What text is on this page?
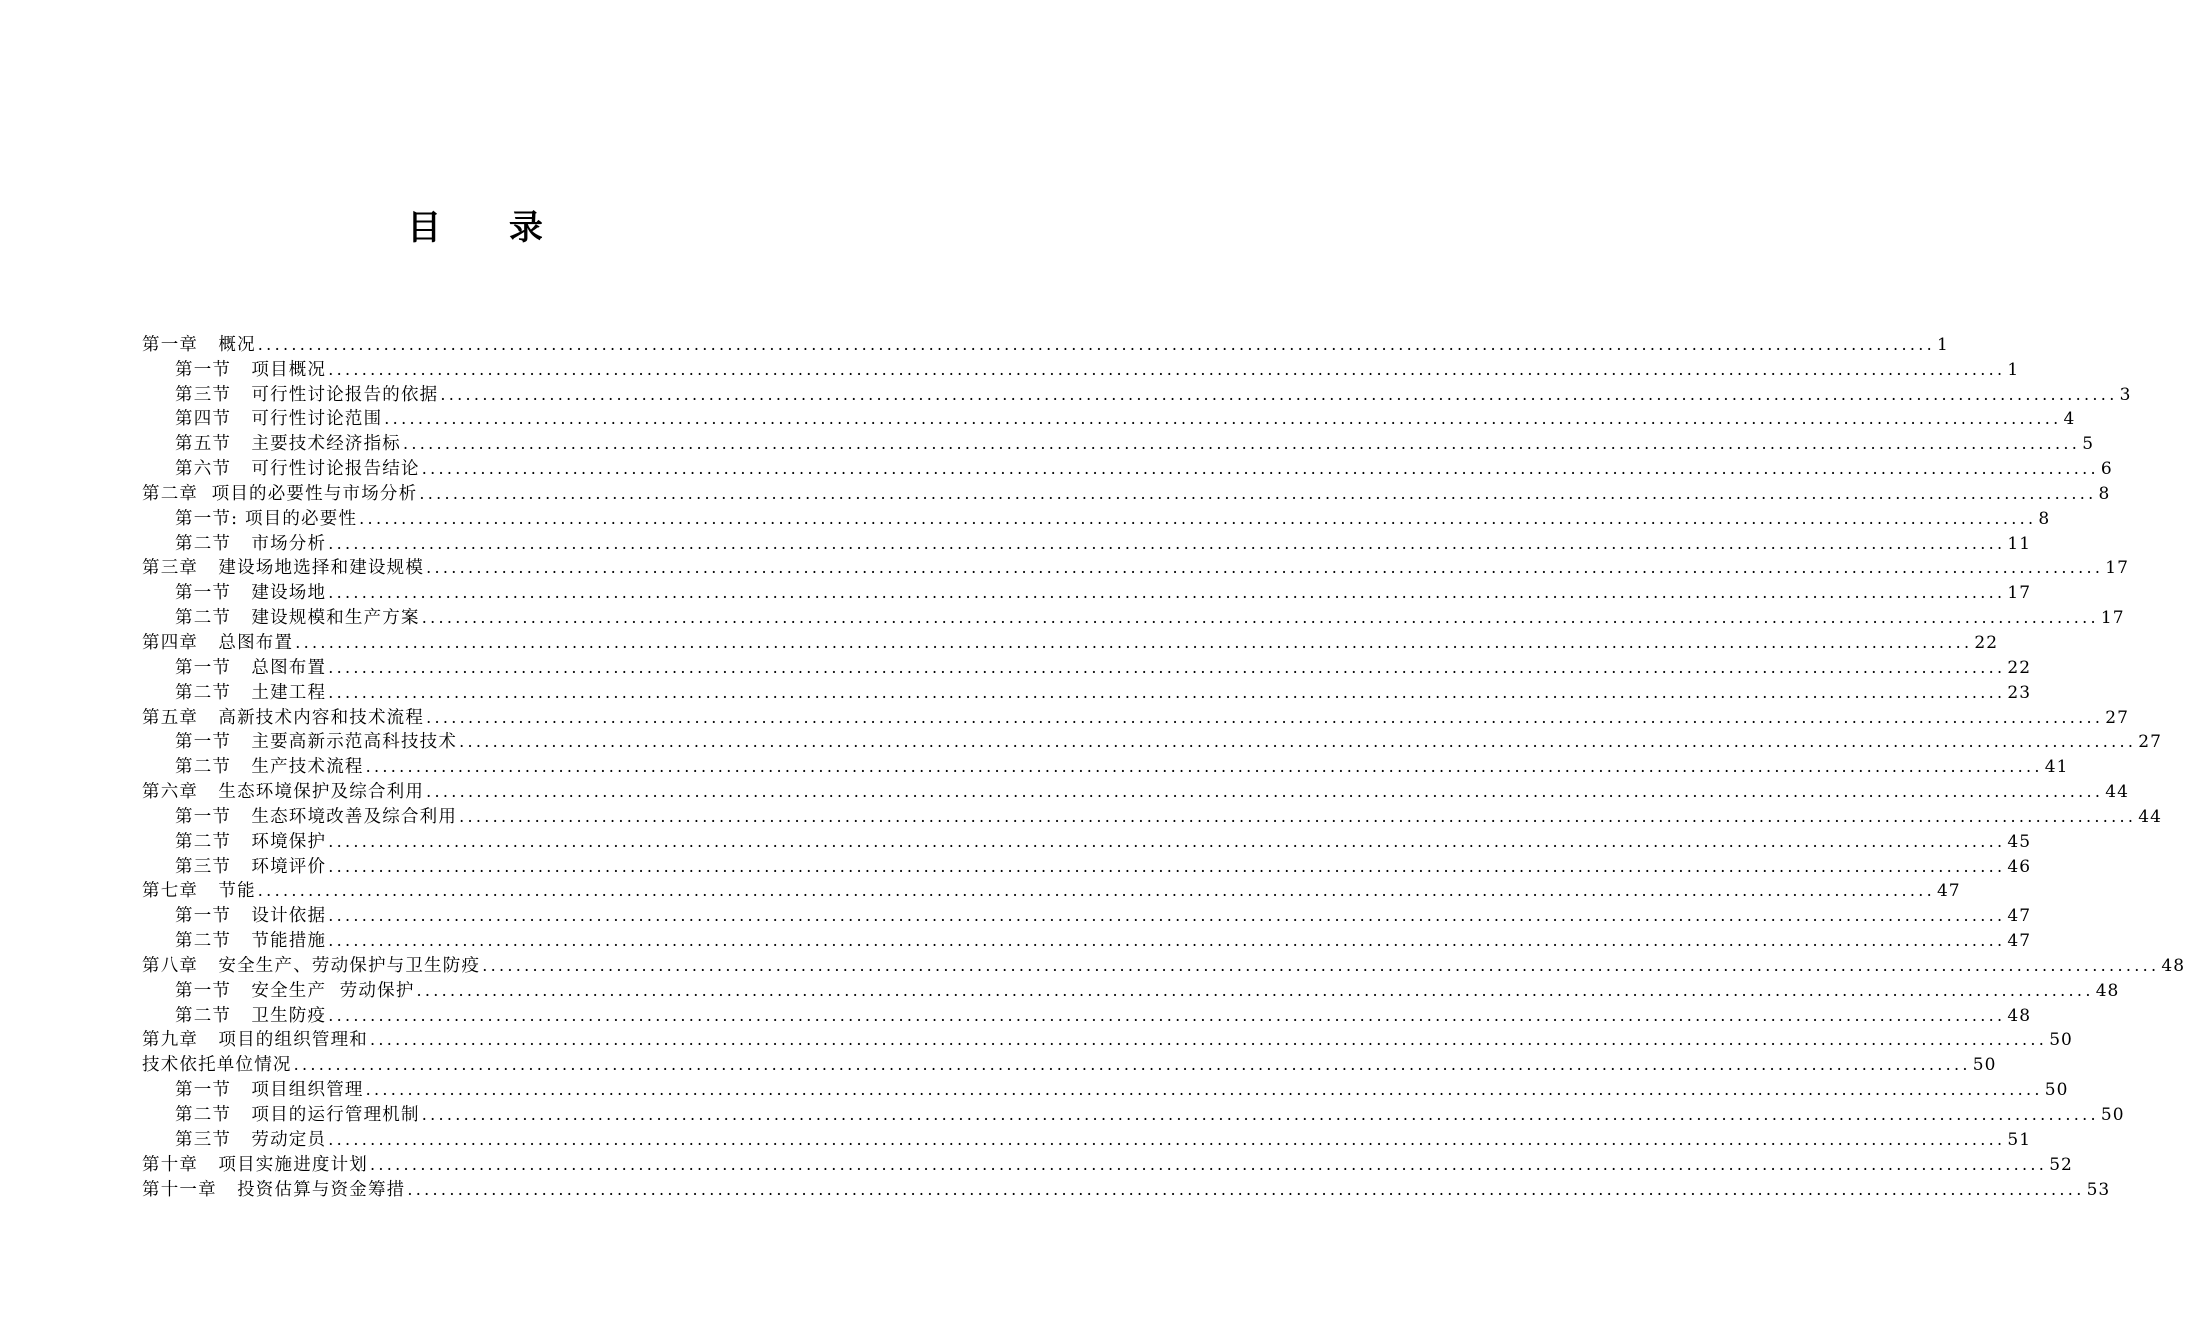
目 录
第一章   概况 ........................................................................................................................................................................................................ 1
第一节   项目概况 ........................................................................................................................................................................................................ 1
第三节   可行性讨论报告的依据 ........................................................................................................................................................................................................ 3
第四节   可行性讨论范围 ........................................................................................................................................................................................................ 4
第五节   主要技术经济指标 ........................................................................................................................................................................................................ 5
第六节   可行性讨论报告结论 ........................................................................................................................................................................................................ 6
第二章  项目的必要性与市场分析 ........................................................................................................................................................................................................ 8
第一节: 项目的必要性 ........................................................................................................................................................................................................ 8
第二节   市场分析 ........................................................................................................................................................................................................ 11
第三章   建设场地选择和建设规模 ........................................................................................................................................................................................................ 17
第一节   建设场地 ........................................................................................................................................................................................................ 17
第二节   建设规模和生产方案 ........................................................................................................................................................................................................ 17
第四章   总图布置 ........................................................................................................................................................................................................ 22
第一节   总图布置 ........................................................................................................................................................................................................ 22
第二节   土建工程 ........................................................................................................................................................................................................ 23
第五章   高新技术内容和技术流程 ........................................................................................................................................................................................................ 27
第一节   主要高新示范高科技技术 ........................................................................................................................................................................................................ 27
第二节   生产技术流程 ........................................................................................................................................................................................................ 41
第六章   生态环境保护及综合利用 ........................................................................................................................................................................................................ 44
第一节   生态环境改善及综合利用 ........................................................................................................................................................................................................ 44
第二节   环境保护 ........................................................................................................................................................................................................ 45
第三节   环境评价 ........................................................................................................................................................................................................ 46
第七章   节能 ........................................................................................................................................................................................................ 47
第一节   设计依据 ........................................................................................................................................................................................................ 47
第二节   节能措施 ........................................................................................................................................................................................................ 47
第八章   安全生产、劳动保护与卫生防疫 ........................................................................................................................................................................................................ 48
第一节   安全生产  劳动保护 ........................................................................................................................................................................................................ 48
第二节   卫生防疫 ........................................................................................................................................................................................................ 48
第九章   项目的组织管理和 ........................................................................................................................................................................................................ 50
技术依托单位情况 ........................................................................................................................................................................................................ 50
第一节   项目组织管理 ........................................................................................................................................................................................................ 50
第二节   项目的运行管理机制 ........................................................................................................................................................................................................ 50
第三节   劳动定员 ........................................................................................................................................................................................................ 51
第十章   项目实施进度计划 ........................................................................................................................................................................................................ 52
第十一章   投资估算与资金筹措 ........................................................................................................................................................................................................ 53
